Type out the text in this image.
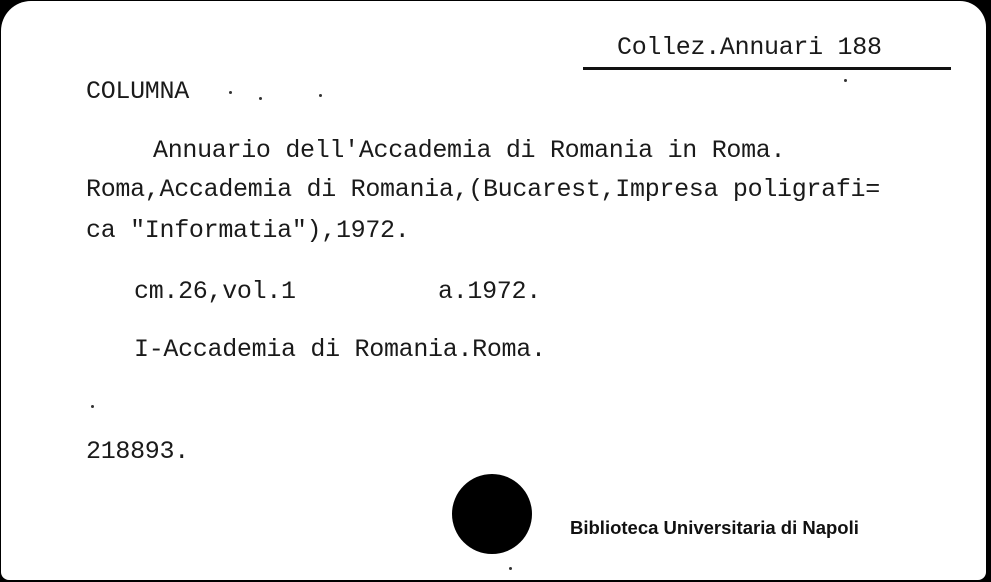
Collez.Annuari 188
COLUMNA
Annuario dell'Accademia di Romania in Roma.
Roma,Accademia di Romania,(Bucarest,Impresa poligrafi=
ca "Informatia"),1972.
cm.26,vol.1	a.1972.
I-Accademia di Romania.Roma.
218893.
Biblioteca Universitaria di Napoli
